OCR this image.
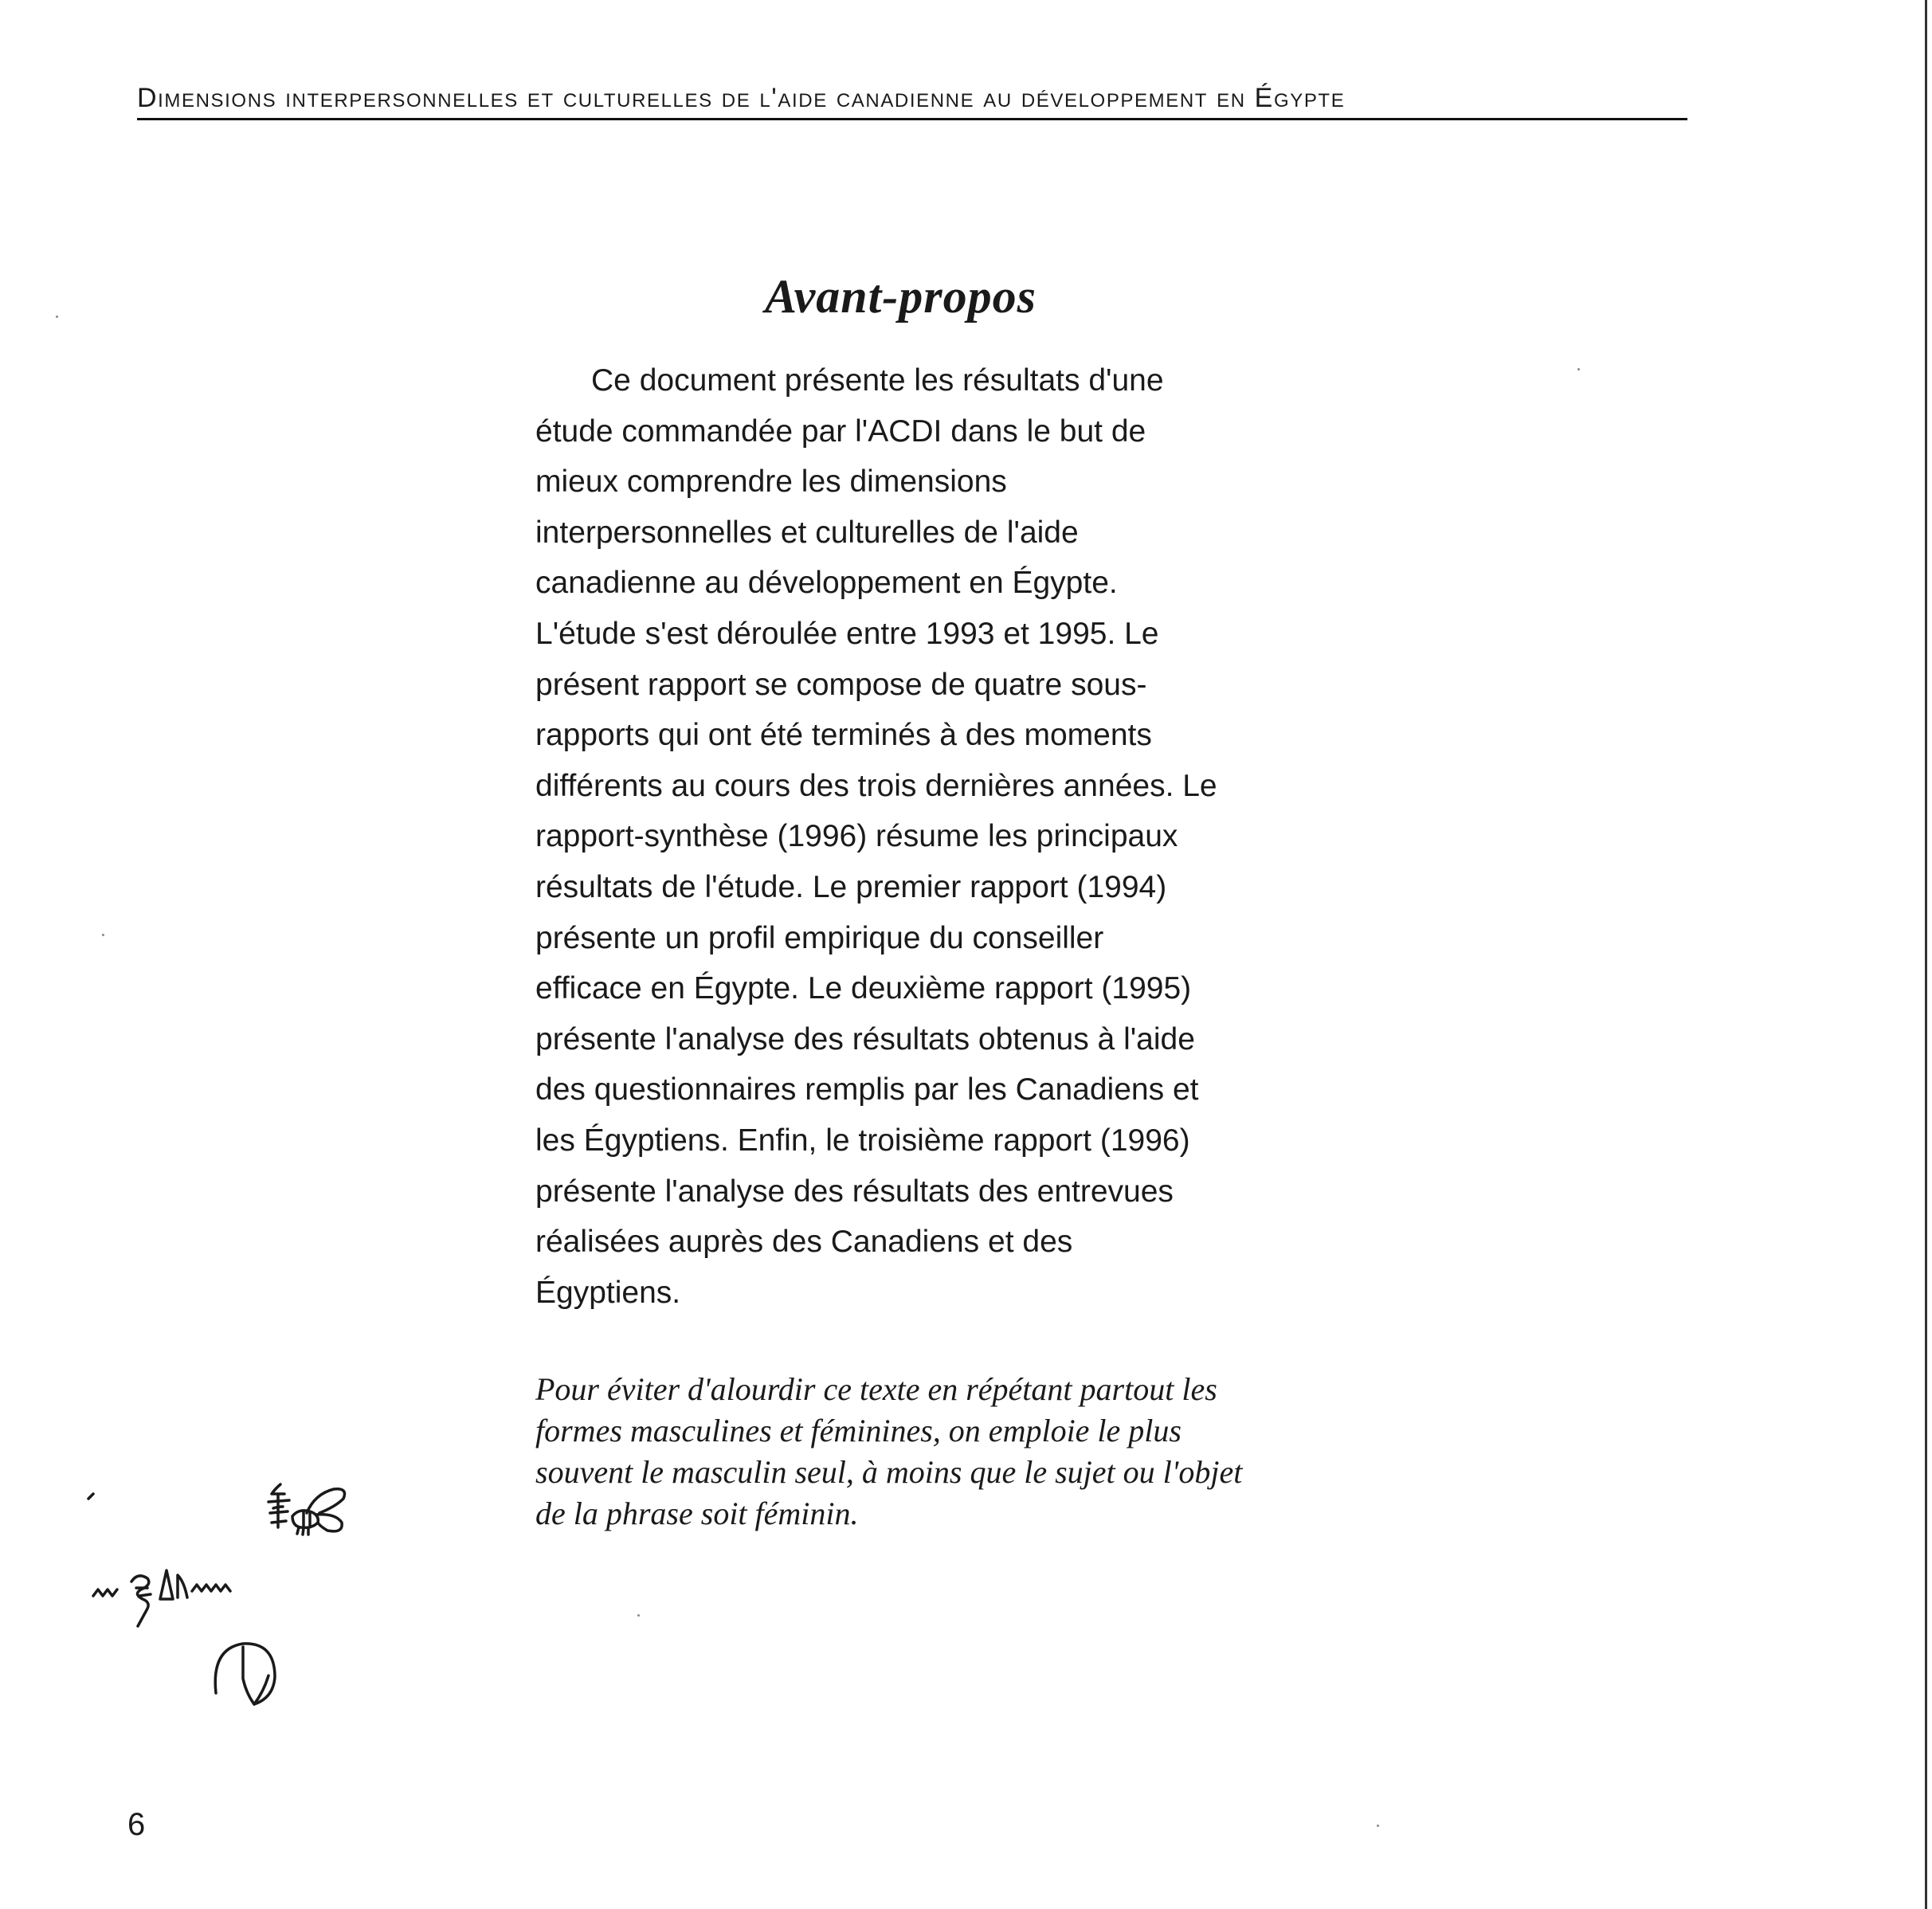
Dimensions interpersonnelles et culturelles de l'aide canadienne au développement en Égypte
Avant-propos

Ce document présente les résultats d'une
étude commandée par l'ACDI dans le but de
mieux comprendre les dimensions
interpersonnelles et culturelles de l'aide
canadienne au développement en Égypte.
L'étude s'est déroulée entre 1993 et 1995. Le
présent rapport se compose de quatre sous-
rapports qui ont été terminés à des moments
différents au cours des trois dernières années. Le
rapport-synthèse (1996) résume les principaux
résultats de l'étude. Le premier rapport (1994)
présente un profil empirique du conseiller
efficace en Égypte. Le deuxième rapport (1995)
présente l'analyse des résultats obtenus à l'aide
des questionnaires remplis par les Canadiens et
les Égyptiens. Enfin, le troisième rapport (1996)
présente l'analyse des résultats des entrevues
réalisées auprès des Canadiens et des
Égyptiens.

Pour éviter d'alourdir ce texte en répétant partout les
formes masculines et féminines, on emploie le plus
souvent le masculin seul, à moins que le sujet ou l'objet
de la phrase soit féminin.

6
